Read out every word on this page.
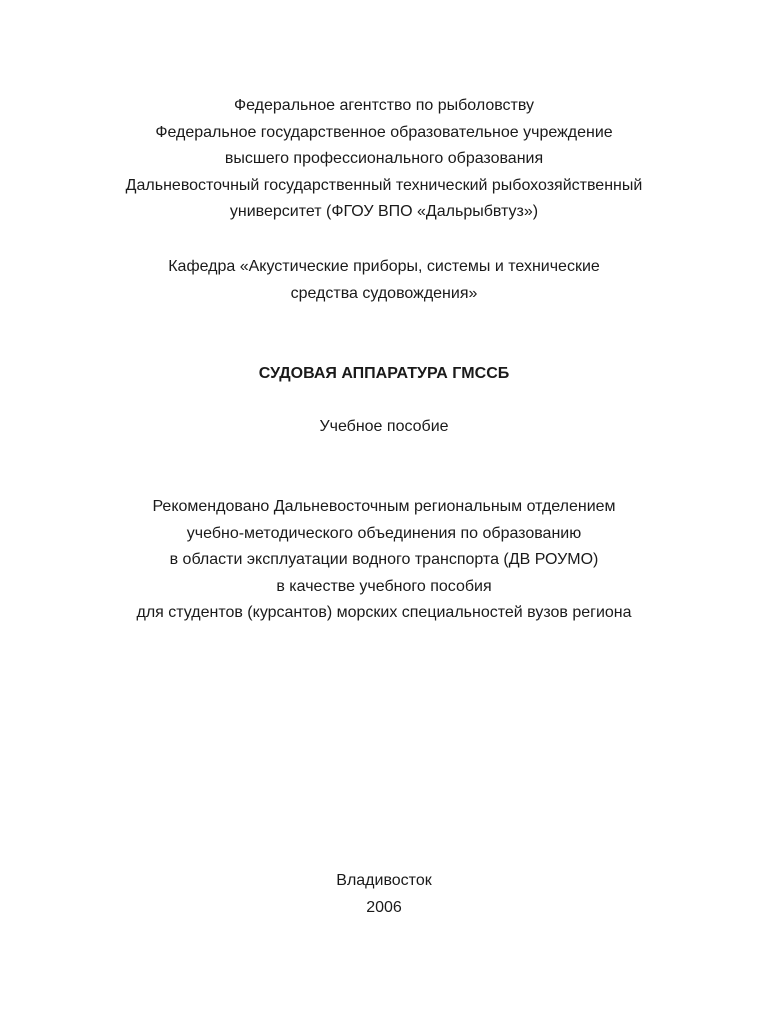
Федеральное агентство по рыболовству
Федеральное государственное образовательное учреждение
высшего профессионального образования
Дальневосточный государственный технический рыбохозяйственный
университет (ФГОУ ВПО «Дальрыбвтуз»)
Кафедра «Акустические приборы, системы и технические
средства судовождения»
СУДОВАЯ АППАРАТУРА ГМССБ
Учебное пособие
Рекомендовано Дальневосточным региональным отделением
учебно-методического объединения по образованию
в области эксплуатации водного транспорта (ДВ РОУМО)
в качестве учебного пособия
для студентов (курсантов) морских специальностей вузов региона
Владивосток
2006
